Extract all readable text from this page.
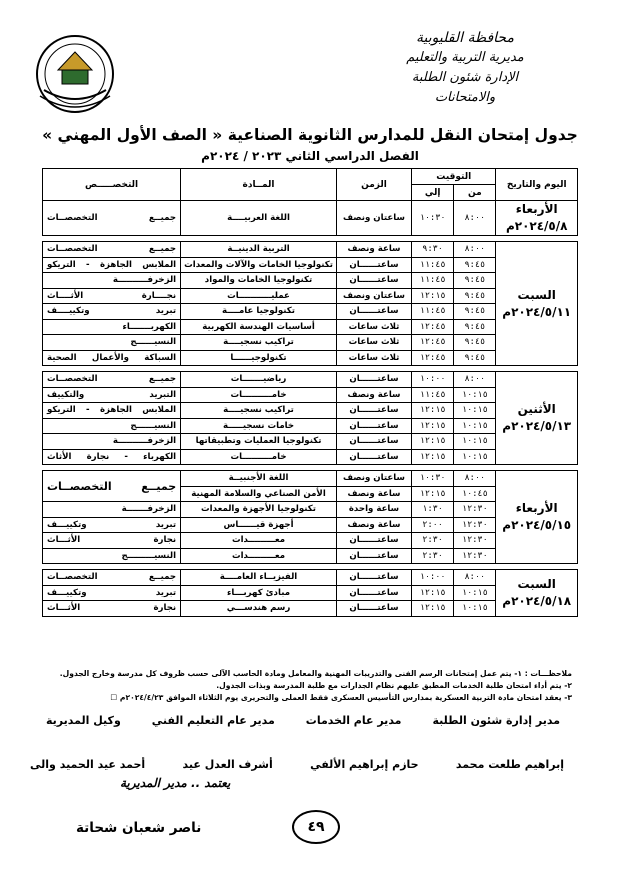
محافظة القليوبية
مديرية التربية والتعليم
الإدارة شئون الطلبة والامتحانات
جدول إمتحان النقل للمدارس الثانوية الصناعية « الصف الأول المهني »
الفصل الدراسي الثاني ٢٠٢٣ / ٢٠٢٤م
اليوم والتاريخ	التوقيت		الزمن	المــادة	التخصـــــص
	من	إلي			

الأربعاء
٢٠٢٤/٥/٨م	٨:٠٠	١٠:٣٠	ساعتان ونصف	اللغة العربيــــة	جميــع التخصصــات

السبت
٢٠٢٤/٥/١١م	٨:٠٠	٩:٣٠	ساعة ونصف	التربية الدينيــة	جميــع التخصصــات
	٩:٤٥	١١:٤٥	ساعتــــــان	تكنولوجيا الخامات والآلات والمعدات	الملابس الجاهزة - التريكو
	٩:٤٥	١١:٤٥	ساعتــــــان	تكنولوجيا الخامات والمواد	الزخرفــــــــــة
	٩:٤٥	١٢:١٥	ساعتان ونصف	عمليـــــــــــات	نجــــارة الأثــــاث
	٩:٤٥	١١:٤٥	ساعتــــــان	تكنولوجيا عامــــة	تبريد وتكييــــف
	٩:٤٥	١٢:٤٥	ثلاث ساعات	أساسيات الهندسة الكهربية	الكهربـــــــاء
	٩:٤٥	١٢:٤٥	ثلاث ساعات	تراكيب نسجيــــة	النسيــــــج
	٩:٤٥	١٢:٤٥	ثلاث ساعات	تكنولوجيــــــا	السباكة والأعمال الصحية

الأثنين
٢٠٢٤/٥/١٣م	٨:٠٠	١٠:٠٠	ساعتــــــان	رياضيـــــــات	جميــع التخصصــات
	١٠:١٥	١١:٤٥	ساعة ونصف	خامــــــــــات	التبريد والتكييف
	١٠:١٥	١٢:١٥	ساعتــــــان	تراكيب نسجيــــة	الملابس الجاهزة - التريكو
	١٠:١٥	١٢:١٥	ساعتــــــان	خامات نسجيـــــة	النسيــــــج
	١٠:١٥	١٢:١٥	ساعتــــــان	تكنولوجيا العمليات وتطبيقاتها	الزخرفــــــــــة
	١٠:١٥	١٢:١٥	ساعتــــــان	خامــــــــــات	الكهرباء - نجارة الأثاث

الأربعاء
٢٠٢٤/٥/١٥م	٨:٠٠	١٠:٣٠	ساعتان ونصف	اللغة الأجنبيــة	جميــع التخصصــات
	١٠:٤٥	١٢:١٥	ساعة ونصف	الأمن الصناعي والسلامة المهنية	
	١٢:٣٠	١:٣٠	ساعة واحدة	تكنولوجيا الأجهزة والمعدات	الزخرفـــــــة
	١٢:٣٠	٢:٠٠	ساعة ونصف	أجهزة قيــــــاس	تبريد وتكييـــف
	١٢:٣٠	٢:٣٠	ساعتــــــان	معـــــــــدات	نجارة الأثـــاث
	١٢:٣٠	٢:٣٠	ساعتــــــان	معـــــــــدات	النسيـــــــــج

السبت
٢٠٢٤/٥/١٨م	٨:٠٠	١٠:٠٠	ساعتــــــان	الفيزيــاء العامــــة	جميــع التخصصــات
	١٠:١٥	١٢:١٥	ساعتــــــان	مبادئ كهربـــاء	تبريد وتكييـــف
	١٠:١٥	١٢:١٥	ساعتــــــان	رسم هندســـي	نجارة الأثـــاث
ملاحظـــات : ١- يتم عمل إمتحانات الرسم الفنى والتدريبات المهنية والمعامل ومادة الحاسب الآلى حسب ظروف كل مدرسة وخارج الجدول.
٢- يتم أداء امتحان طلبة الخدمات المطبق عليهم نظام الجدارات مع طلبة المدرسة وبذات الجدول.
٣- يعقد امتحان مادة التربية العسكرية بمدارس التأسيس العسكرى فقط العملى والتحريرى يوم الثلاثاء الموافق ٢٠٢٤/٤/٢٣م ☐
مدير إدارة شئون الطلبة
مدير عام الخدمات
مدير عام التعليم الفني
وكيل المديرية
إبراهيم طلعت محمد
حازم إبراهيم الألفي
أشرف العدل عيد
أحمد عيد الحميد والى
يعتمد .. مدير المديرية
٤٩
ناصر شعبان شحاتة
